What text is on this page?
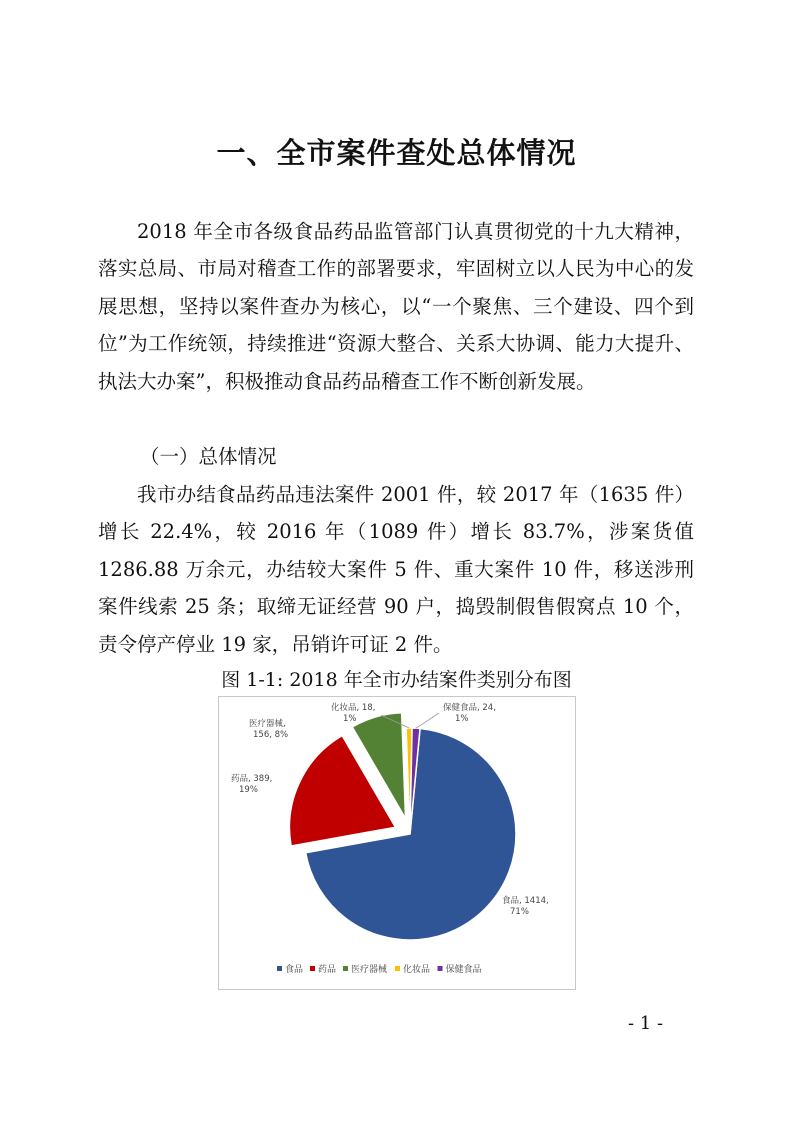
一、全市案件查处总体情况

2018 年全市各级食品药品监管部门认真贯彻党的十九大精神，落实总局、市局对稽查工作的部署要求，牢固树立以人民为中心的发展思想，坚持以案件查办为核心，以“一个聚焦、三个建设、四个到位”为工作统领，持续推进“资源大整合、关系大协调、能力大提升、执法大办案”，积极推动食品药品稽查工作不断创新发展。

（一）总体情况

我市办结食品药品违法案件 2001 件，较 2017 年（1635 件）增长 22.4%，较 2016 年（1089 件）增长 83.7%，涉案货值 1286.88 万余元，办结较大案件 5 件、重大案件 10 件，移送涉刑案件线索 25 条；取缔无证经营 90 户，捣毁制假售假窝点 10 个，责令停产停业 19 家，吊销许可证 2 件。

图 1-1: 2018 年全市办结案件类别分布图

食品, 1414, 71%
药品, 389, 19%
医疗器械, 156, 8%
化妆品, 18, 1%
保健食品, 24, 1%
食品 药品 医疗器械 化妆品 保健食品

- 1 -
